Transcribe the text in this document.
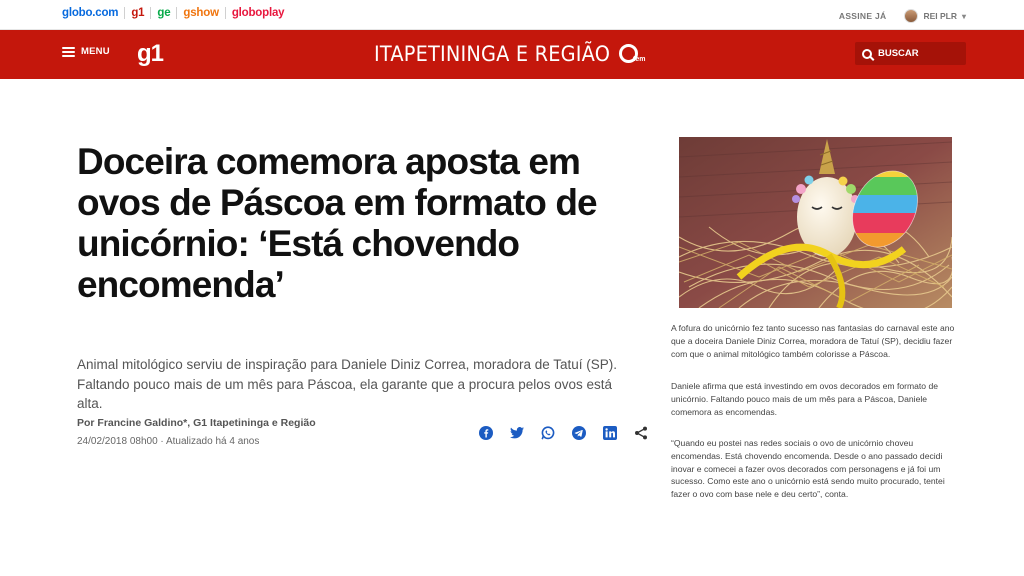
globo.com g1 ge gshow globoplay	ASSINE JÁ	REI PLR ▾
MENU g1	ITAPETININGA E REGIÃO	tem
BUSCAR
Doceira comemora aposta em ovos de Páscoa em formato de unicórnio: ‘Está chovendo encomenda’

Animal mitológico serviu de inspiração para Daniele Diniz Correa, moradora de Tatuí (SP). Faltando pouco mais de um mês para Páscoa, ela garante que a procura pelos ovos está alta.

Por Francine Galdino*, G1 Itapetininga e Região
24/02/2018 08h00 · Atualizado há 4 anos

A fofura do unicórnio fez tanto sucesso nas fantasias do carnaval este ano que a doceira Daniele Diniz Correa, moradora de Tatuí (SP), decidiu fazer com que o animal mitológico também colorisse a Páscoa.

Daniele afirma que está investindo em ovos decorados em formato de unicórnio. Faltando pouco mais de um mês para a Páscoa, Daniele comemora as encomendas.

“Quando eu postei nas redes sociais o ovo de unicórnio choveu encomendas. Está chovendo encomenda. Desde o ano passado decidi inovar e comecei a fazer ovos decorados com personagens e já foi um sucesso. Como este ano o unicórnio está sendo muito procurado, tentei fazer o ovo com base nele e deu certo”, conta.
